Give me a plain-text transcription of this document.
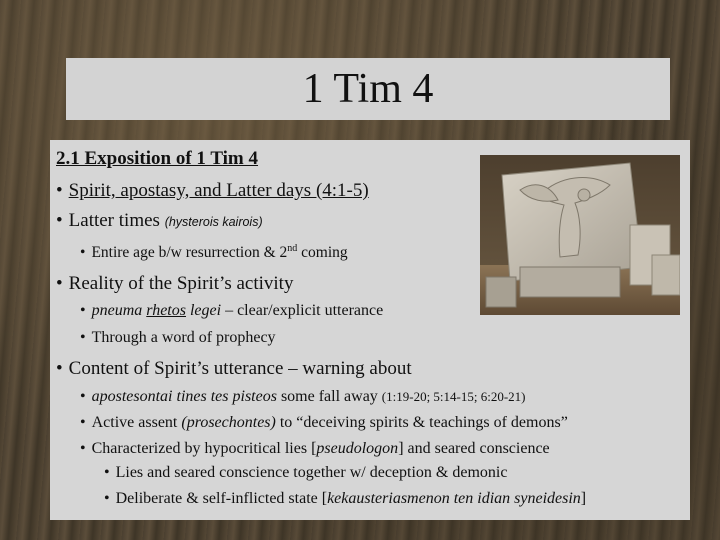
1 Tim 4
2.1 Exposition of 1 Tim 4
• Spirit, apostasy, and Latter days (4:1-5)
• Latter times (hysterois kairois)
• Entire age b/w resurrection & 2nd coming
• Reality of the Spirit’s activity
• pneuma rhetos legei – clear/explicit utterance
• Through a word of prophecy
• Content of Spirit’s utterance – warning about
• apostesontai tines tes pisteos some fall away (1:19-20; 5:14-15; 6:20-21)
• Active assent (prosechontes) to “deceiving spirits & teachings of demons”
• Characterized by hypocritical lies [pseudologon] and seared conscience
• Lies and seared conscience together w/ deception & demonic
• Deliberate & self-inflicted state [kekausteriasmenon ten idian syneidesin]
